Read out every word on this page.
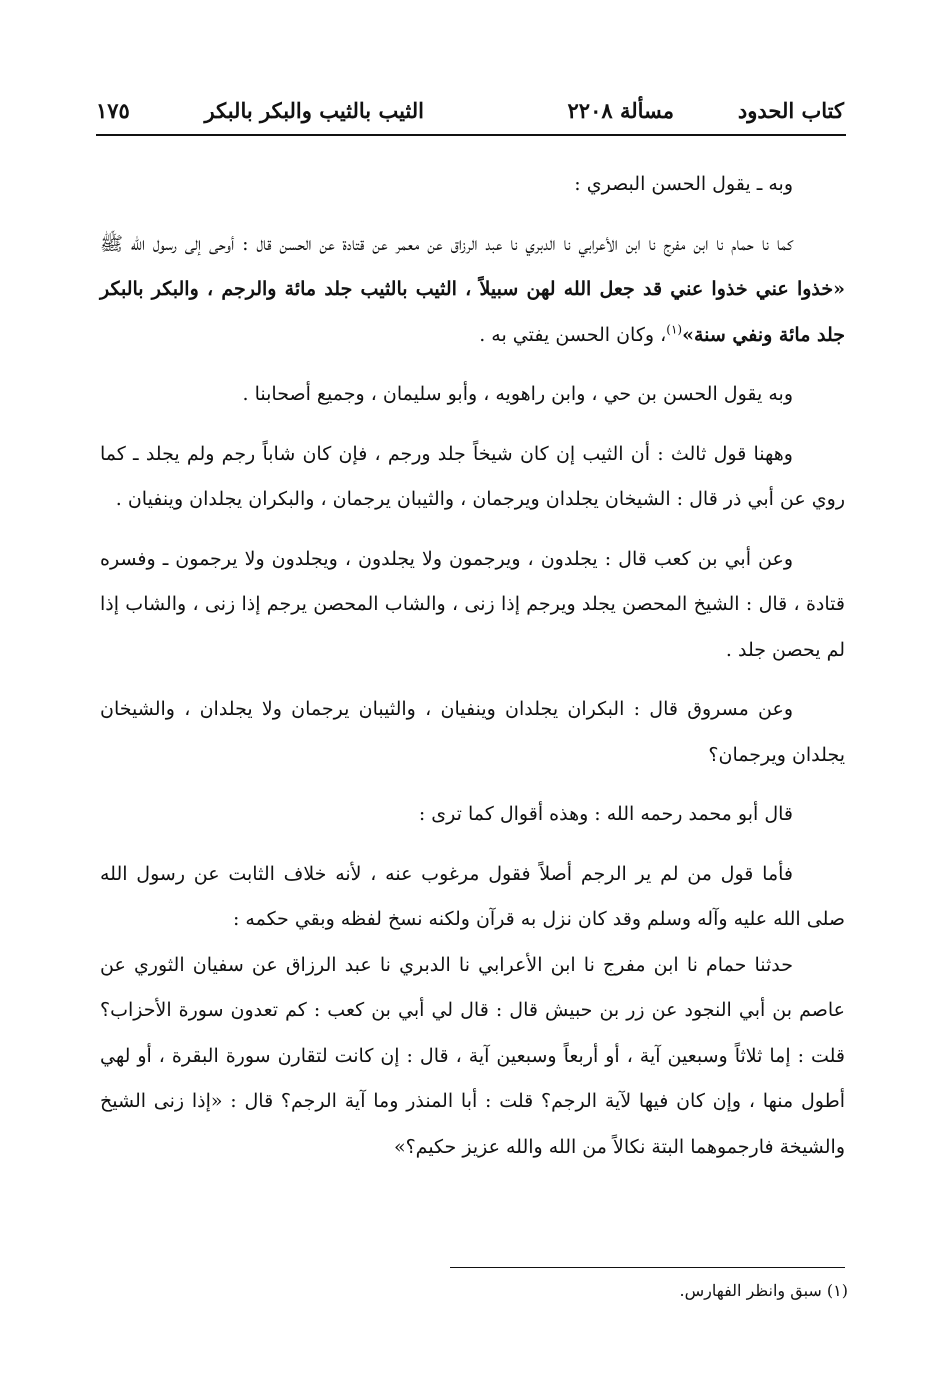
كتاب الحدود
مسألة ٢٢٠٨
الثيب بالثيب والبكر بالبكر
١٧٥

وبه ـ يقول الحسن البصري :

كما نا حمام نا ابن مفرج نا ابن الأعرابي نا الدبري نا عبد الرزاق عن معمر عن قتادة عن الحسن قال : أوحى إلى رسول الله ﷺ «خذوا عني خذوا عني قد جعل الله لهن سبيلاً ، الثيب بالثيب جلد مائة والرجم ، والبكر بالبكر جلد مائة ونفي سنة»$^{(١)}$، وكان الحسن يفتي به .

وبه يقول الحسن بن حي ، وابن راهويه ، وأبو سليمان ، وجميع أصحابنا .

وههنا قول ثالث : أن الثيب إن كان شيخاً جلد ورجم ، فإن كان شاباً رجم ولم يجلد ـ كما روي عن أبي ذر قال : الشيخان يجلدان ويرجمان ، والثيبان يرجمان ، والبكران يجلدان وينفيان .

وعن أبي بن كعب قال : يجلدون ، ويرجمون ولا يجلدون ، ويجلدون ولا يرجمون ـ وفسره قتادة ، قال : الشيخ المحصن يجلد ويرجم إذا زنى ، والشاب المحصن يرجم إذا زنى ، والشاب إذا لم يحصن جلد .

وعن مسروق قال : البكران يجلدان وينفيان ، والثيبان يرجمان ولا يجلدان ، والشيخان يجلدان ويرجمان؟

قال أبو محمد رحمه الله : وهذه أقوال كما ترى :

فأما قول من لم ير الرجم أصلاً فقول مرغوب عنه ، لأنه خلاف الثابت عن رسول الله صلى الله عليه وآله وسلم وقد كان نزل به قرآن ولكنه نسخ لفظه وبقي حكمه :

حدثنا حمام نا ابن مفرج نا ابن الأعرابي نا الدبري نا عبد الرزاق عن سفيان الثوري عن عاصم بن أبي النجود عن زر بن حبيش قال : قال لي أبي بن كعب : كم تعدون سورة الأحزاب؟ قلت : إما ثلاثاً وسبعين آية ، أو أربعاً وسبعين آية ، قال : إن كانت لتقارن سورة البقرة ، أو لهي أطول منها ، وإن كان فيها لآية الرجم؟ قلت : أبا المنذر وما آية الرجم؟ قال : «إذا زنى الشيخ والشيخة فارجموهما البتة نكالاً من الله والله عزيز حكيم؟»

(١) سبق وانظر الفهارس.
